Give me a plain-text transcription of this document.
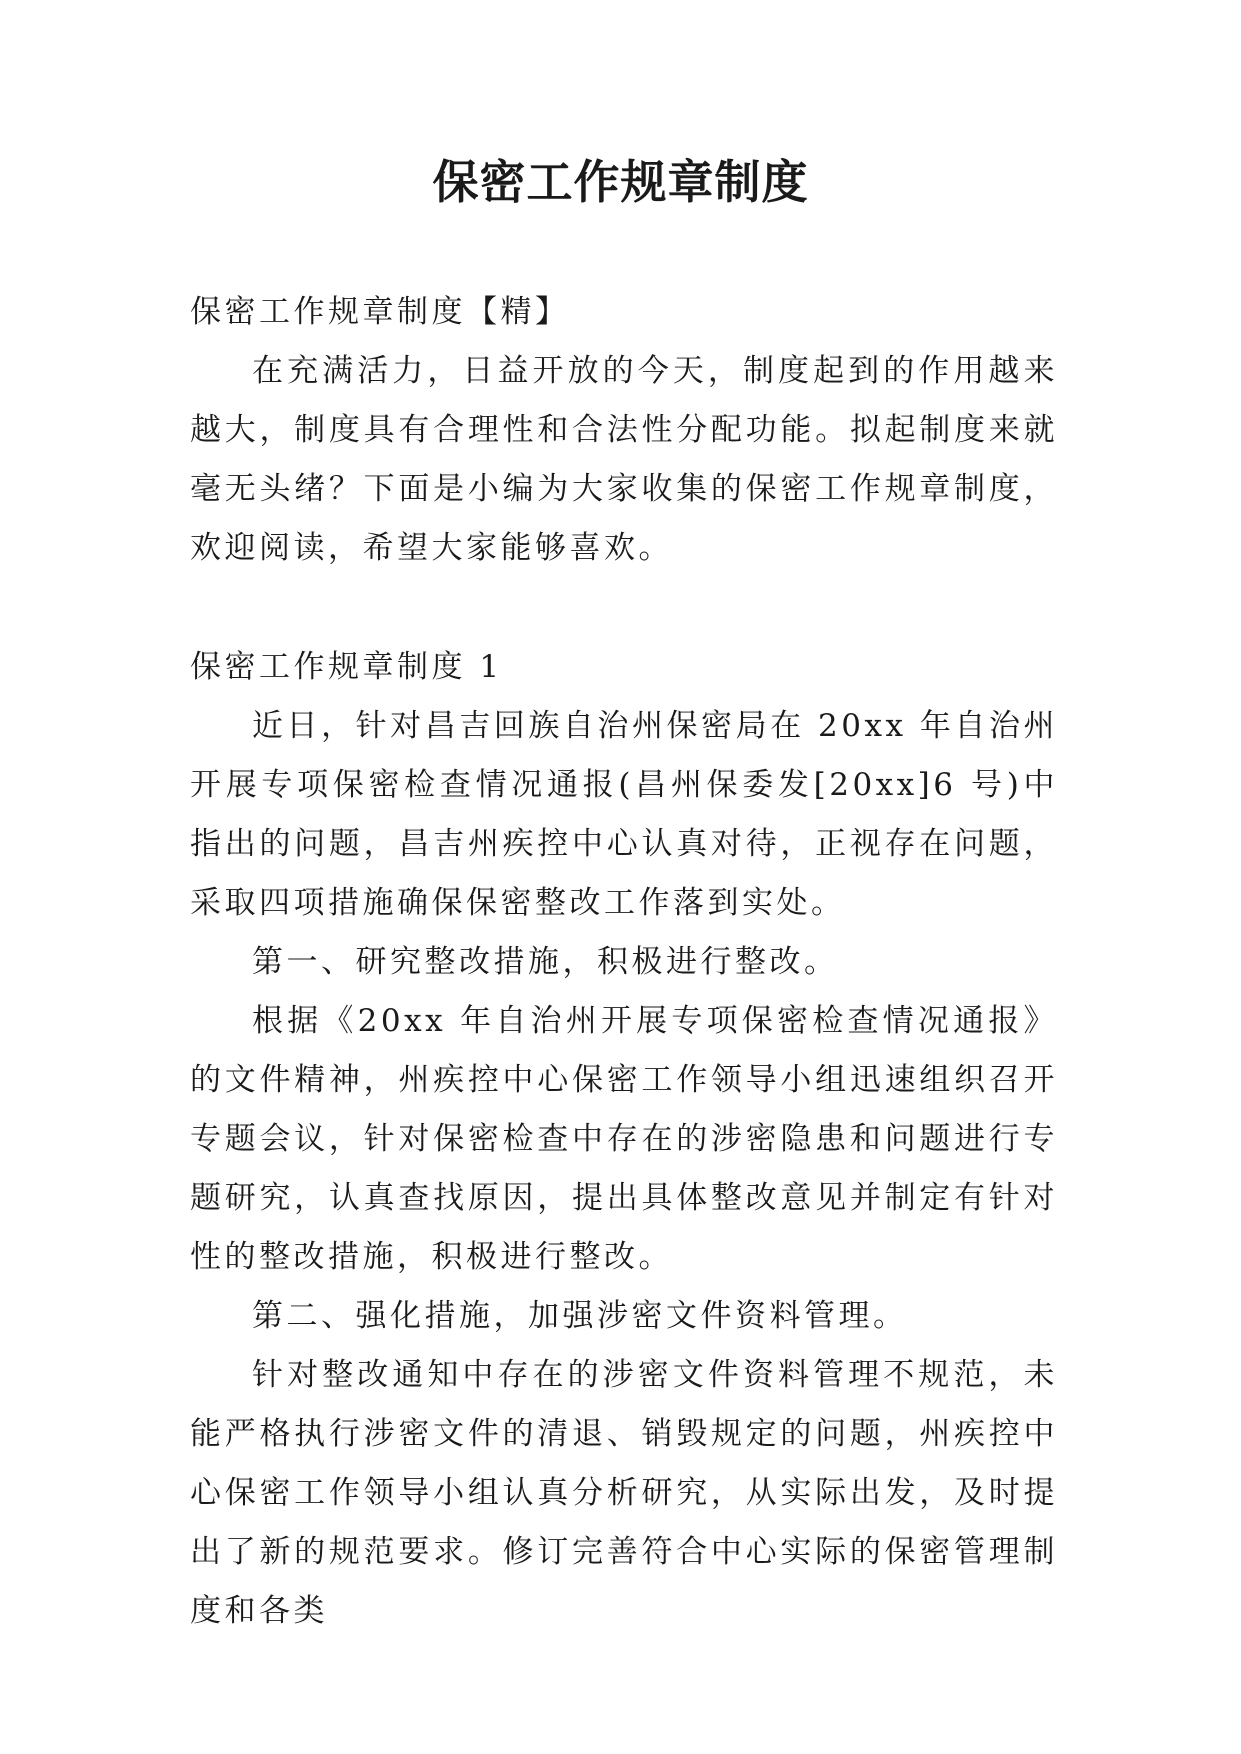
保密工作规章制度

保密工作规章制度【精】

在充满活力，日益开放的今天，制度起到的作用越来越大，制度具有合理性和合法性分配功能。拟起制度来就毫无头绪？下面是小编为大家收集的保密工作规章制度，欢迎阅读，希望大家能够喜欢。

保密工作规章制度 1

近日，针对昌吉回族自治州保密局在 20xx 年自治州开展专项保密检查情况通报(昌州保委发[20xx]6 号)中指出的问题，昌吉州疾控中心认真对待，正视存在问题，采取四项措施确保保密整改工作落到实处。

第一、研究整改措施，积极进行整改。

根据《20xx 年自治州开展专项保密检查情况通报》的文件精神，州疾控中心保密工作领导小组迅速组织召开专题会议，针对保密检查中存在的涉密隐患和问题进行专题研究，认真查找原因，提出具体整改意见并制定有针对性的整改措施，积极进行整改。

第二、强化措施，加强涉密文件资料管理。

针对整改通知中存在的涉密文件资料管理不规范，未能严格执行涉密文件的清退、销毁规定的问题，州疾控中心保密工作领导小组认真分析研究，从实际出发，及时提出了新的规范要求。修订完善符合中心实际的保密管理制度和各类
